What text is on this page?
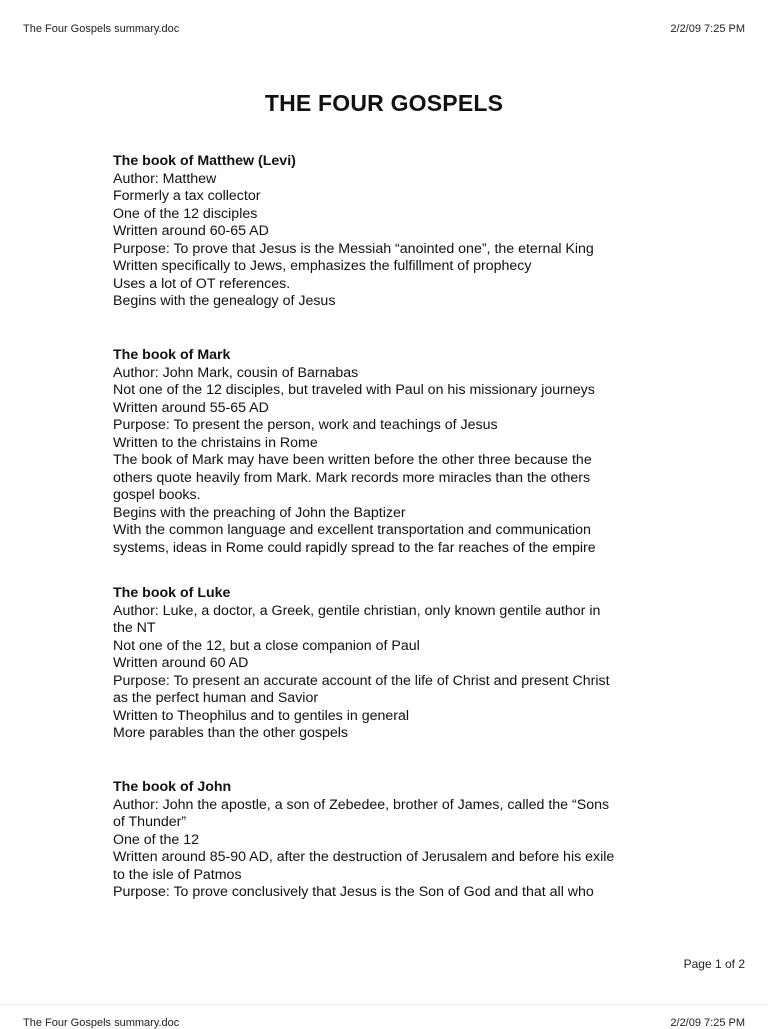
The Four Gospels summary.doc	2/2/09 7:25 PM
THE FOUR GOSPELS

The book of Matthew (Levi)

Author: Matthew

Formerly a tax collector

One of the 12 disciples

Written around 60-65 AD

Purpose: To prove that Jesus is the Messiah “anointed one”, the eternal King

Written specifically to Jews, emphasizes the fulfillment of prophecy

Uses a lot of OT references.

Begins with the genealogy of Jesus

The book of Mark

Author: John Mark, cousin of Barnabas

Not one of the 12 disciples, but traveled with Paul on his missionary journeys

Written around 55-65 AD

Purpose: To present the person, work and teachings of Jesus

Written to the christains in Rome

The book of Mark may have been written before the other three because the

others quote heavily from Mark. Mark records more miracles than the others

gospel books.

Begins with the preaching of John the Baptizer

With the common language and excellent transportation and communication

systems, ideas in Rome could rapidly spread to the far reaches of the empire

The book of Luke

Author: Luke, a doctor, a Greek, gentile christian, only known gentile author in

the NT

Not one of the 12, but a close companion of Paul

Written around 60 AD

Purpose: To present an accurate account of the life of Christ and present Christ

as the perfect human and Savior

Written to Theophilus and to gentiles in general

More parables than the other gospels

The book of John

Author: John the apostle, a son of Zebedee, brother of James, called the “Sons

of Thunder”

One of the 12

Written around 85-90 AD, after the destruction of Jerusalem and before his exile

to the isle of Patmos

Purpose: To prove conclusively that Jesus is the Son of God and that all who

Page 1 of 2
The Four Gospels summary.doc	2/2/09 7:25 PM
